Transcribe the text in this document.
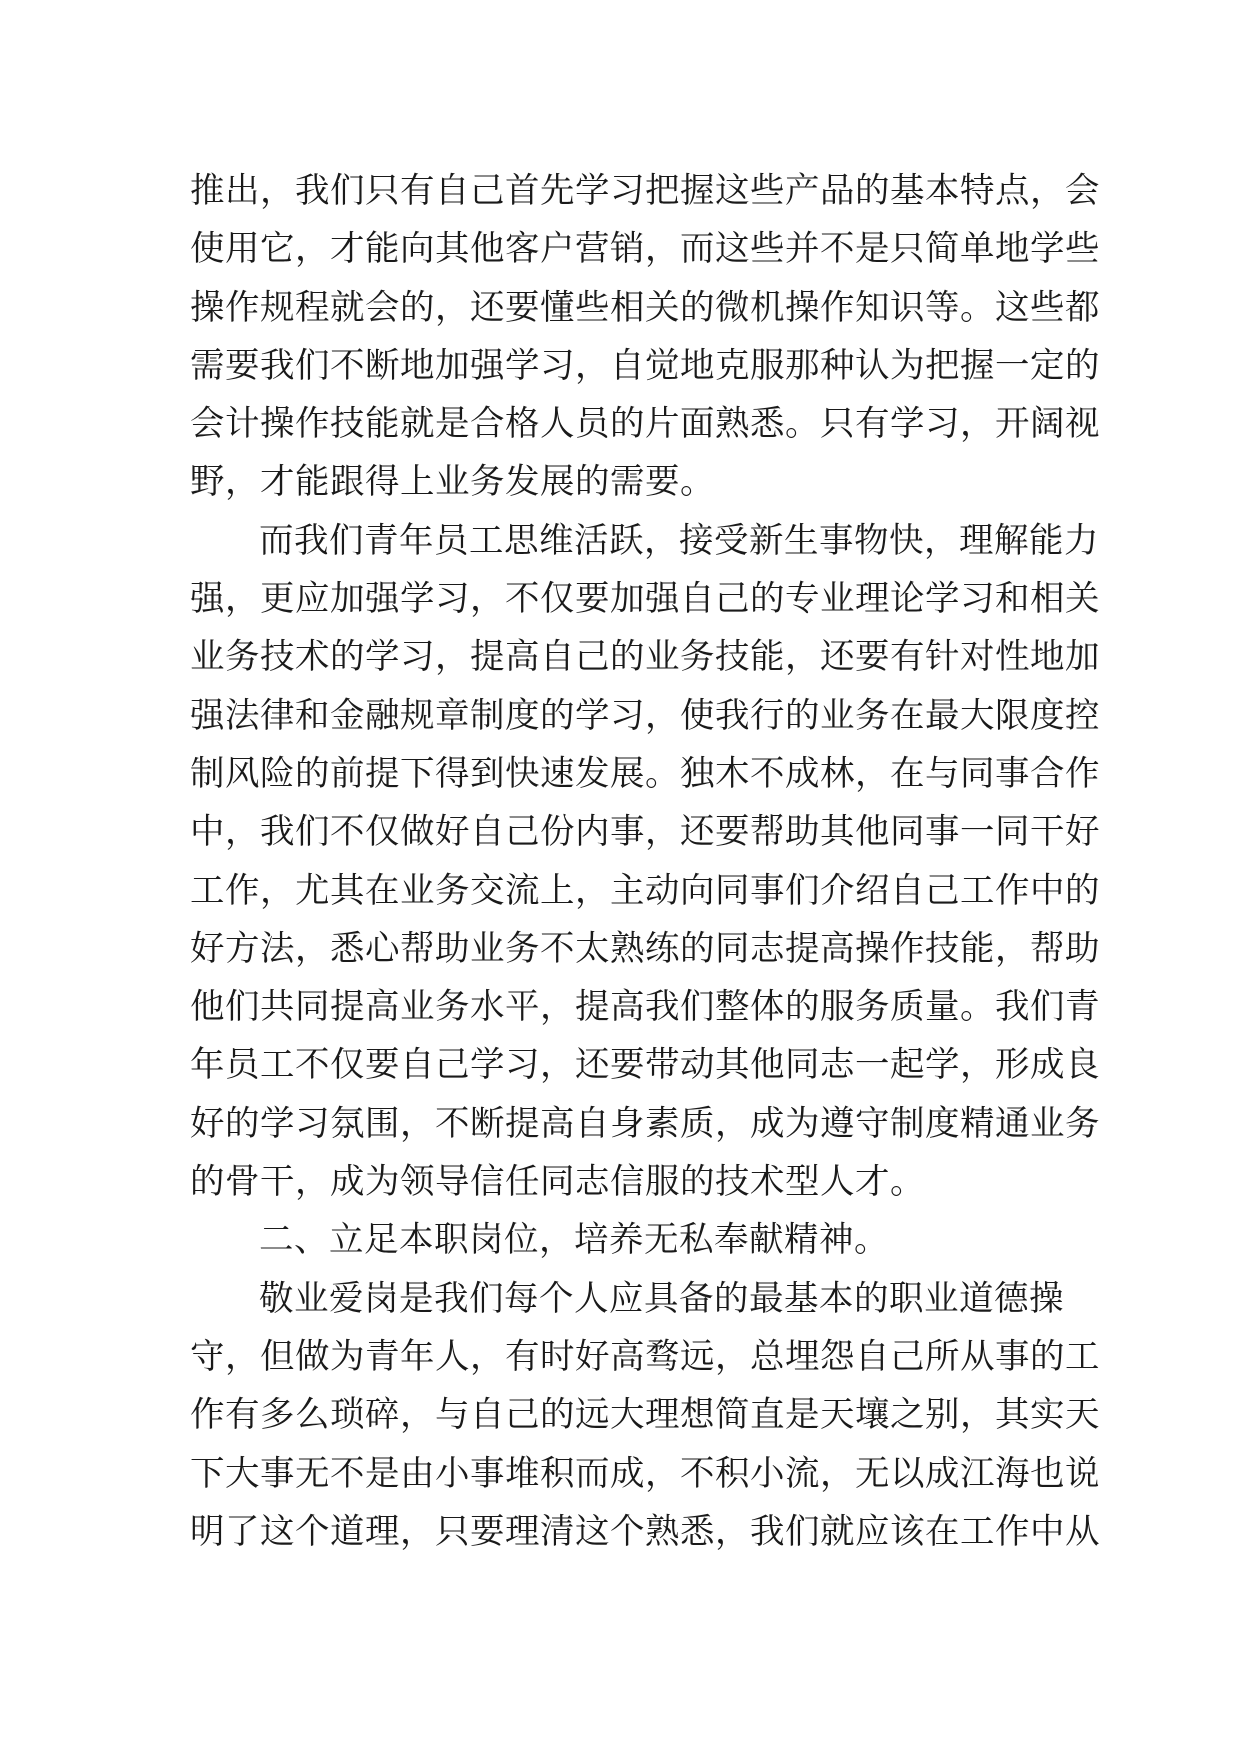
推出，我们只有自己首先学习把握这些产品的基本特点，会
使用它，才能向其他客户营销，而这些并不是只简单地学些
操作规程就会的，还要懂些相关的微机操作知识等。这些都
需要我们不断地加强学习，自觉地克服那种认为把握一定的
会计操作技能就是合格人员的片面熟悉。只有学习，开阔视
野，才能跟得上业务发展的需要。
而我们青年员工思维活跃，接受新生事物快，理解能力
强，更应加强学习，不仅要加强自己的专业理论学习和相关
业务技术的学习，提高自己的业务技能，还要有针对性地加
强法律和金融规章制度的学习，使我行的业务在最大限度控
制风险的前提下得到快速发展。独木不成林，在与同事合作
中，我们不仅做好自己份内事，还要帮助其他同事一同干好
工作，尤其在业务交流上，主动向同事们介绍自己工作中的
好方法，悉心帮助业务不太熟练的同志提高操作技能，帮助
他们共同提高业务水平，提高我们整体的服务质量。我们青
年员工不仅要自己学习，还要带动其他同志一起学，形成良
好的学习氛围，不断提高自身素质，成为遵守制度精通业务
的骨干，成为领导信任同志信服的技术型人才。
二、立足本职岗位，培养无私奉献精神。
敬业爱岗是我们每个人应具备的最基本的职业道德操
守，但做为青年人，有时好高骛远，总埋怨自己所从事的工
作有多么琐碎，与自己的远大理想简直是天壤之别，其实天
下大事无不是由小事堆积而成，不积小流，无以成江海也说
明了这个道理，只要理清这个熟悉，我们就应该在工作中从
